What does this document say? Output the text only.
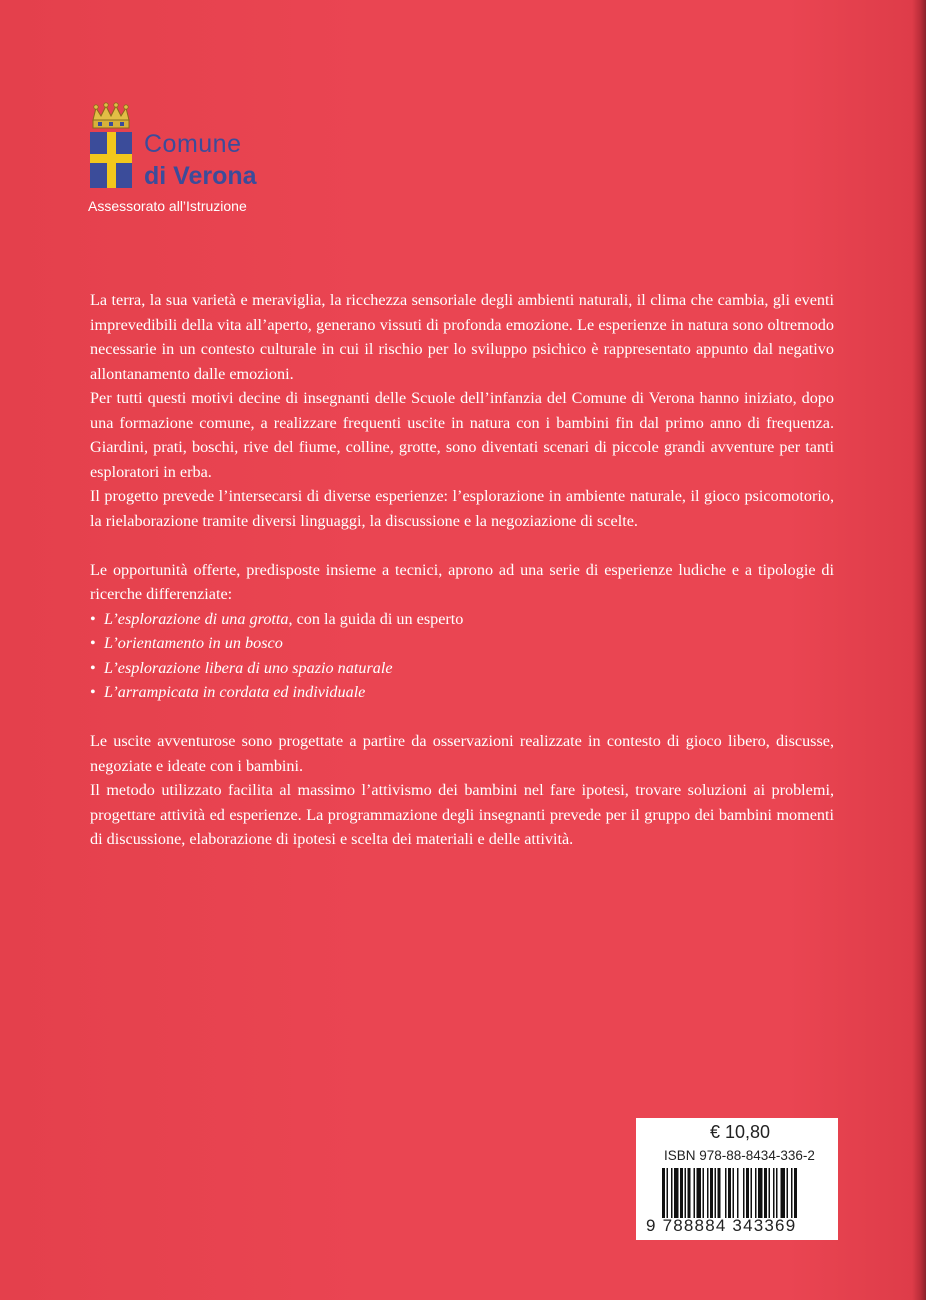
Comune
di Verona
Assessorato all’Istruzione

La terra, la sua varietà e meraviglia, la ricchezza sensoriale degli ambienti naturali, il clima che cambia, gli eventi imprevedibili della vita all’aperto, generano vissuti di profonda emozione. Le esperienze in natura sono oltremodo necessarie in un contesto culturale in cui il rischio per lo sviluppo psichico è rappresentato appunto dal negativo allontanamento dalle emozioni.

Per tutti questi motivi decine di insegnanti delle Scuole dell’infanzia del Comune di Verona hanno iniziato, dopo una formazione comune, a realizzare frequenti uscite in natura con i bambini fin dal primo anno di frequenza. Giardini, prati, boschi, rive del fiume, colline, grotte, sono diventati scenari di piccole grandi avventure per tanti esploratori in erba.

Il progetto prevede l’intersecarsi di diverse esperienze: l’esplorazione in ambiente naturale, il gioco psicomotorio, la rielaborazione tramite diversi linguaggi, la discussione e la negoziazione di scelte.

Le opportunità offerte, predisposte insieme a tecnici, aprono ad una serie di esperienze ludiche e a tipologie di ricerche differenziate:

• L’esplorazione di una grotta, con la guida di un esperto
• L’orientamento in un bosco
• L’esplorazione libera di uno spazio naturale
• L’arrampicata in cordata ed individuale

Le uscite avventurose sono progettate a partire da osservazioni realizzate in contesto di gioco libero, discusse, negoziate e ideate con i bambini.

Il metodo utilizzato facilita al massimo l’attivismo dei bambini nel fare ipotesi, trovare soluzioni ai problemi, progettare attività ed esperienze. La programmazione degli insegnanti prevede per il gruppo dei bambini momenti di discussione, elaborazione di ipotesi e scelta dei materiali e delle attività.

€ 10,80
ISBN 978-88-8434-336-2
9 788884 343369
